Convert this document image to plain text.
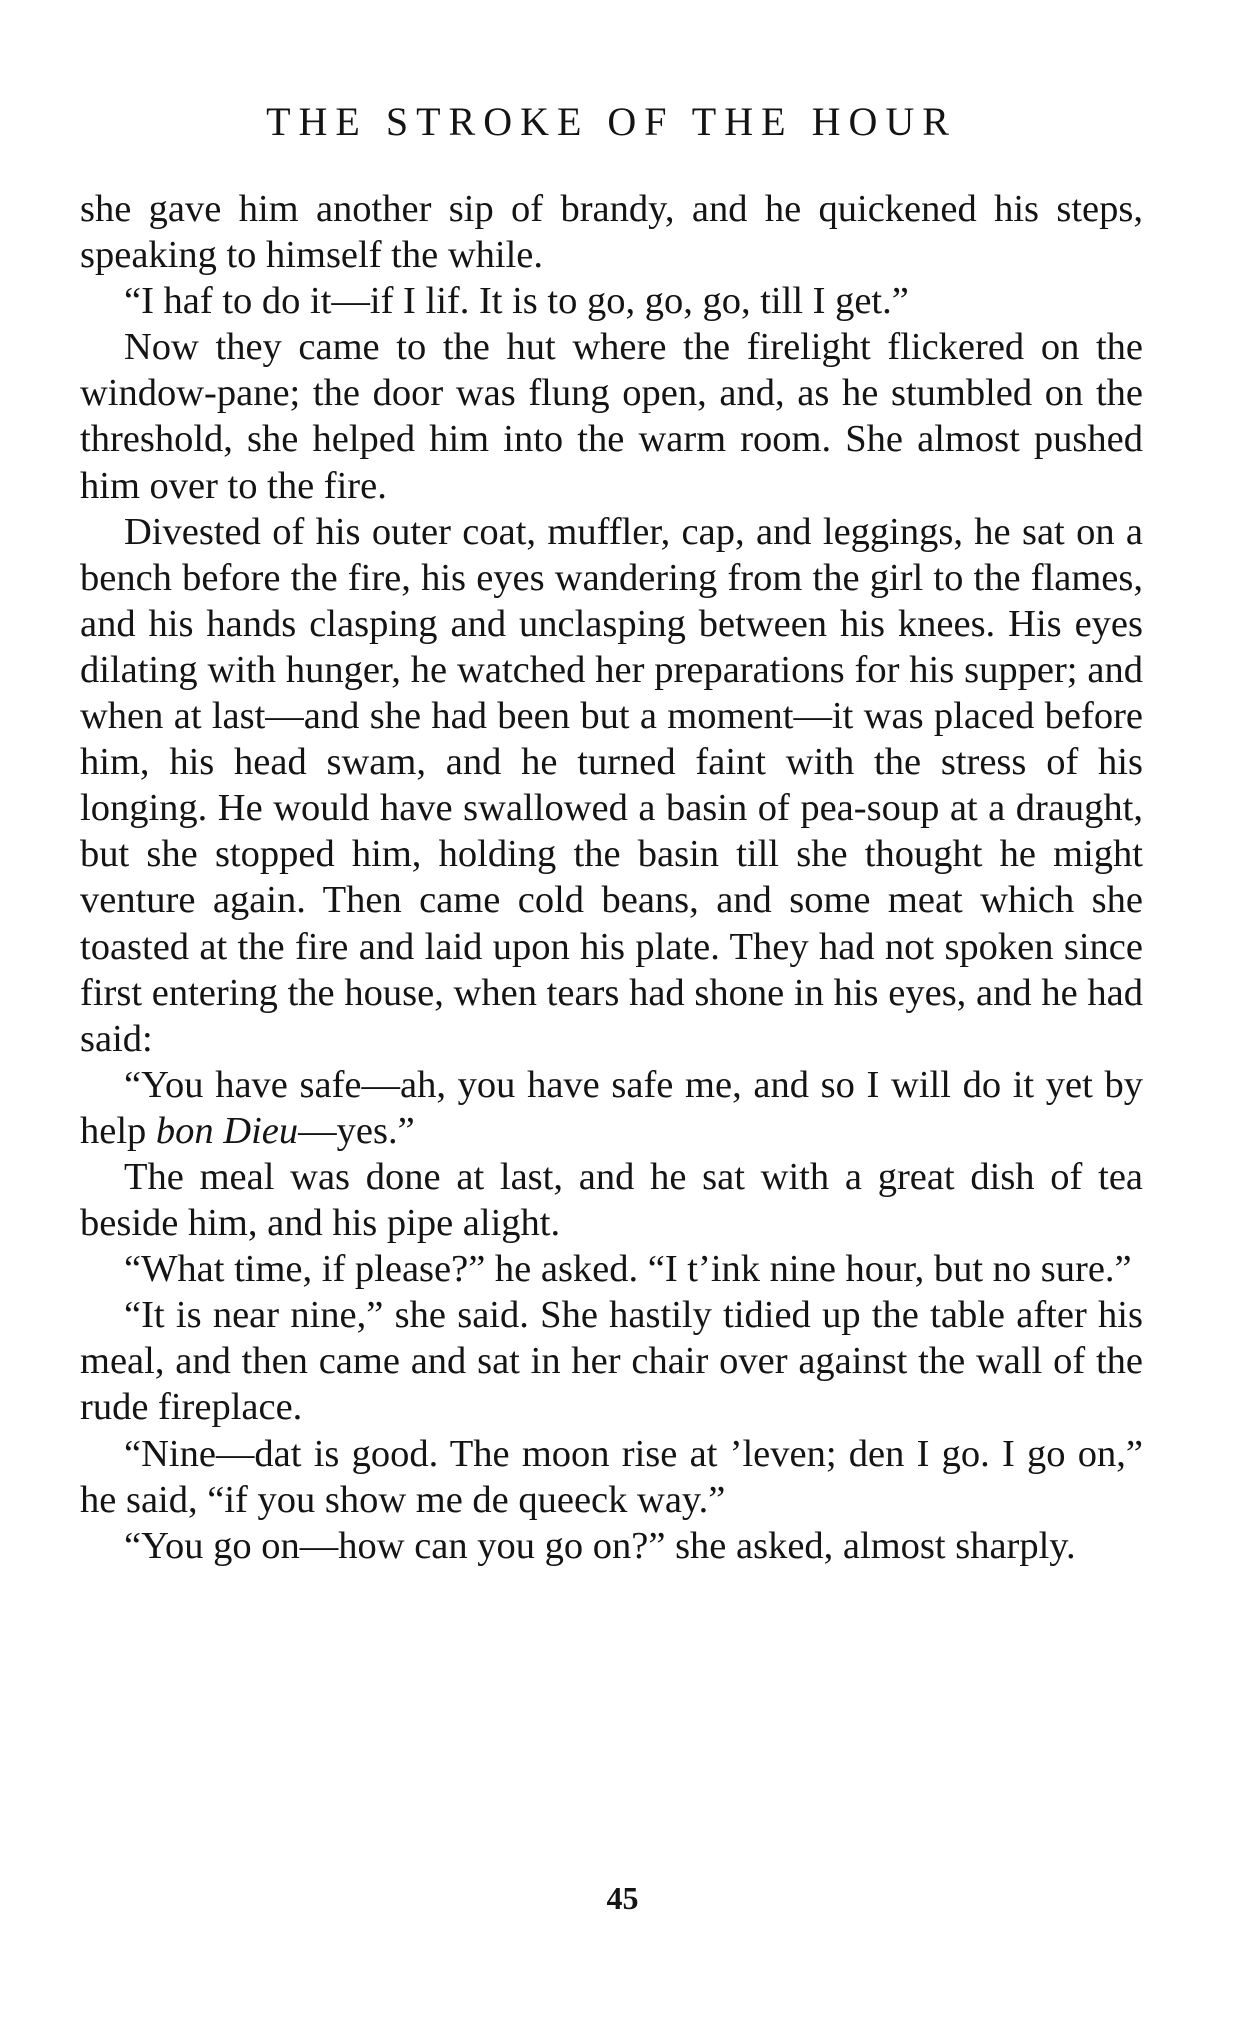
THE STROKE OF THE HOUR

she gave him another sip of brandy, and he quickened his steps, speaking to himself the while.

“I haf to do it—if I lif. It is to go, go, go, till I get.”

Now they came to the hut where the firelight flickered on the window-pane; the door was flung open, and, as he stumbled on the threshold, she helped him into the warm room. She almost pushed him over to the fire.

Divested of his outer coat, muffler, cap, and leggings, he sat on a bench before the fire, his eyes wandering from the girl to the flames, and his hands clasping and unclasping between his knees. His eyes dilating with hunger, he watched her preparations for his supper; and when at last—and she had been but a moment—it was placed before him, his head swam, and he turned faint with the stress of his longing. He would have swallowed a basin of pea-soup at a draught, but she stopped him, holding the basin till she thought he might venture again. Then came cold beans, and some meat which she toasted at the fire and laid upon his plate. They had not spoken since first entering the house, when tears had shone in his eyes, and he had said:

“You have safe—ah, you have safe me, and so I will do it yet by help bon Dieu—yes.”

The meal was done at last, and he sat with a great dish of tea beside him, and his pipe alight.

“What time, if please?” he asked. “I t’ink nine hour, but no sure.”

“It is near nine,” she said. She hastily tidied up the table after his meal, and then came and sat in her chair over against the wall of the rude fireplace.

“Nine—dat is good. The moon rise at ’leven; den I go. I go on,” he said, “if you show me de queeck way.”

“You go on—how can you go on?” she asked, almost sharply.

45
